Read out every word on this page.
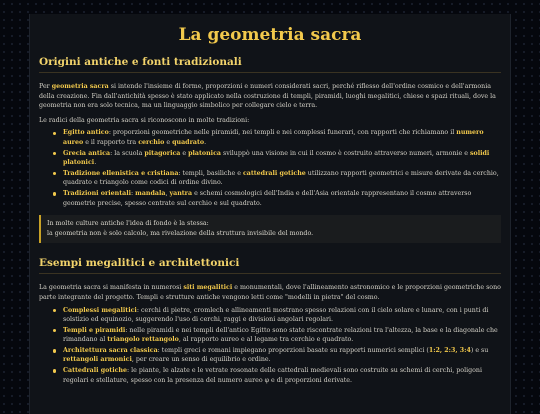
La geometria sacra
Origini antiche e fonti tradizionali

Per geometria sacra si intende l'insieme di forme, proporzioni e numeri considerati sacri, perché riflesso dell'ordine cosmico e dell'armonia della creazione. Fin dall'antichità spesso è stato applicato nella costruzione di templi, piramidi, luoghi megalitici, chiese e spazi rituali, dove la geometria non era solo tecnica, ma un linguaggio simbolico per collegare cielo e terra.

Le radici della geometria sacra si riconoscono in molte tradizioni:

Egitto antico: proporzioni geometriche nelle piramidi, nei templi e nei complessi funerari, con rapporti che richiamano il numero aureo e il rapporto tra cerchio e quadrato.
Grecia antica: la scuola pitagorica e platonica sviluppò una visione in cui il cosmo è costruito attraverso numeri, armonie e solidi platonici.
Tradizione ellenistica e cristiana: templi, basiliche e cattedrali gotiche utilizzano rapporti geometrici e misure derivate da cerchio, quadrato e triangolo come codici di ordine divino.
Tradizioni orientali: mandala, yantra e schemi cosmologici dell'India e dell'Asia orientale rappresentano il cosmo attraverso geometrie precise, spesso centrate sul cerchio e sul quadrato.
In molte culture antiche l'idea di fondo è la stessa:
la geometria non è solo calcolo, ma rivelazione della struttura invisibile del mondo.
Esempi megalitici e architettonici

La geometria sacra si manifesta in numerosi siti megalitici e monumentali, dove l'allineamento astronomico e le proporzioni geometriche sono parte integrante del progetto. Templi e strutture antiche vengono letti come "modelli in pietra" del cosmo.

Complessi megalitici: cerchi di pietre, cromlech e allineamenti mostrano spesso relazioni con il cielo solare e lunare, con i punti di solstizio ed equinozio, suggerendo l'uso di cerchi, raggi e divisioni angolari regolari.
Templi e piramidi: nelle piramidi e nei templi dell'antico Egitto sono state riscontrate relazioni tra l'altezza, la base e la diagonale che rimandano al triangolo rettangolo, al rapporto aureo e al legame tra cerchio e quadrato.
Architettura sacra classica: templi greci e romani impiegano proporzioni basate su rapporti numerici semplici (1:2, 2:3, 3:4) e su rettangoli armonici, per creare un senso di equilibrio e ordine.
Cattedrali gotiche: le piante, le alzate e le vetrate rosonate delle cattedrali medievali sono costruite su schemi di cerchi, poligoni regolari e stellature, spesso con la presenza del numero aureo φ e di proporzioni derivate.
